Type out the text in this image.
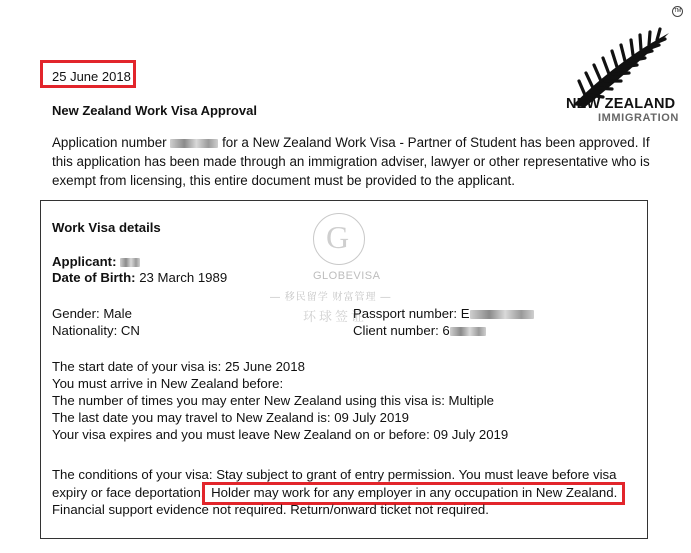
25 June 2018
New Zealand Work Visa Approval
TM
NEW ZEALAND
IMMIGRATION
Application number	for a New Zealand Work Visa - Partner of Student has been approved. If this application has been made through an immigration adviser, lawyer or other representative who is exempt from licensing, this entire document must be provided to the applicant.
G
GLOBEVISA
— 移民留学 财富管理 —
环球签证
Work Visa details
Applicant:
Date of Birth: 23 March 1989
Gender: Male
Nationality: CN
Passport number: E
Client number: 6
The start date of your visa is: 25 June 2018
You must arrive in New Zealand before:
The number of times you may enter New Zealand using this visa is: Multiple
The last date you may travel to New Zealand is: 09 July 2019
Your visa expires and you must leave New Zealand on or before: 09 July 2019
The conditions of your visa: Stay subject to grant of entry permission. You must leave before visa
expiry or face deportation. Holder may work for any employer in any occupation in New Zealand.
Financial support evidence not required. Return/onward ticket not required.
